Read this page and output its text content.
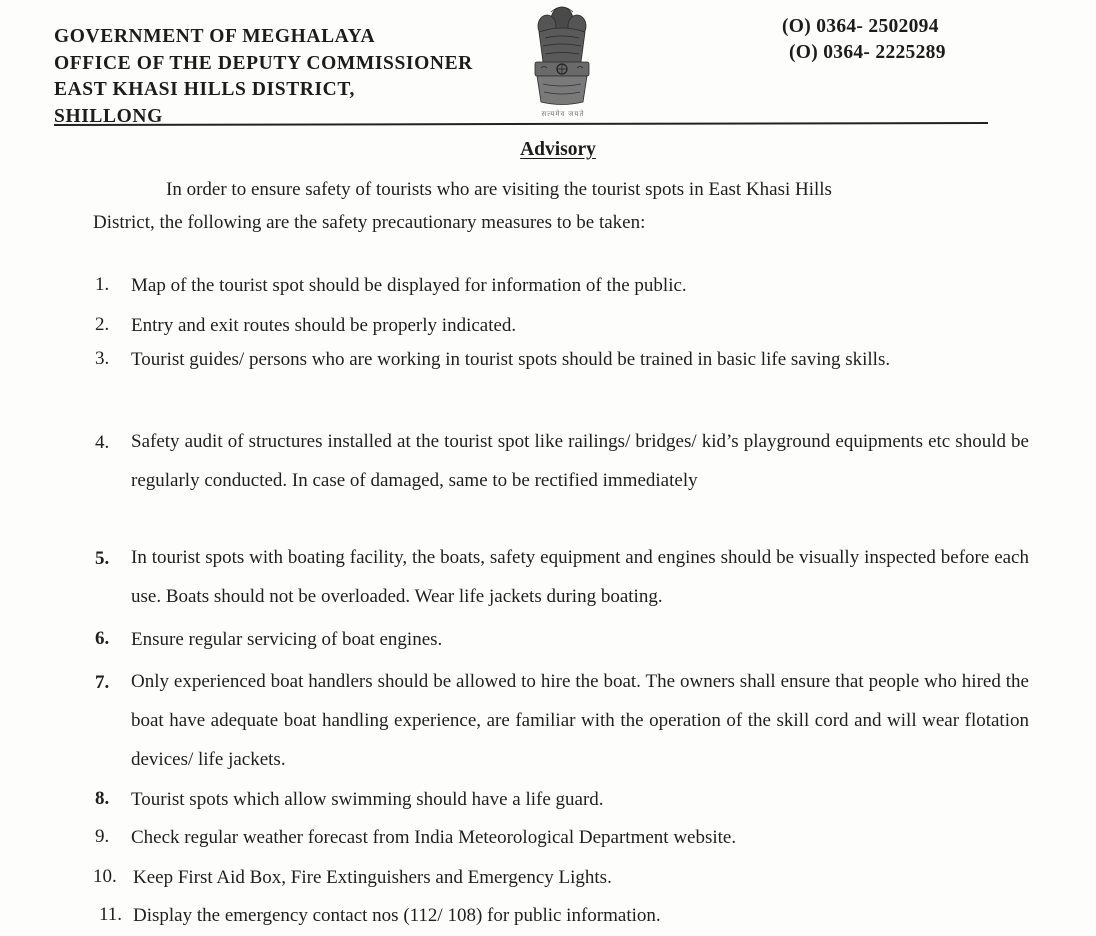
GOVERNMENT OF MEGHALAYA
OFFICE OF THE DEPUTY COMMISSIONER
EAST KHASI HILLS DISTRICT,
SHILLONG	सत्यमेव जयते
(O) 0364- 2502094
(O) 0364- 2225289
Advisory
In order to ensure safety of tourists who are visiting the tourist spots in East Khasi Hills
District, the following are the safety precautionary measures to be taken:
1.	Map of the tourist spot should be displayed for information of the public.
2.	Entry and exit routes should be properly indicated.
3.	Tourist guides/ persons who are working in tourist spots should be trained in basic life saving skills.
4.	Safety audit of structures installed at the tourist spot like railings/ bridges/ kid’s playground equipments etc should be regularly conducted. In case of damaged, same to be rectified immediately
5.	In tourist spots with boating facility, the boats, safety equipment and engines should be visually inspected before each use. Boats should not be overloaded. Wear life jackets during boating.
6.	Ensure regular servicing of boat engines.
7.	Only experienced boat handlers should be allowed to hire the boat. The owners shall ensure that people who hired the boat have adequate boat handling experience, are familiar with the operation of the skill cord and will wear flotation devices/ life jackets.
8.	Tourist spots which allow swimming should have a life guard.
9.	Check regular weather forecast from India Meteorological Department website.
10. Keep First Aid Box, Fire Extinguishers and Emergency Lights.
11. Display the emergency contact nos (112/ 108) for public information.
